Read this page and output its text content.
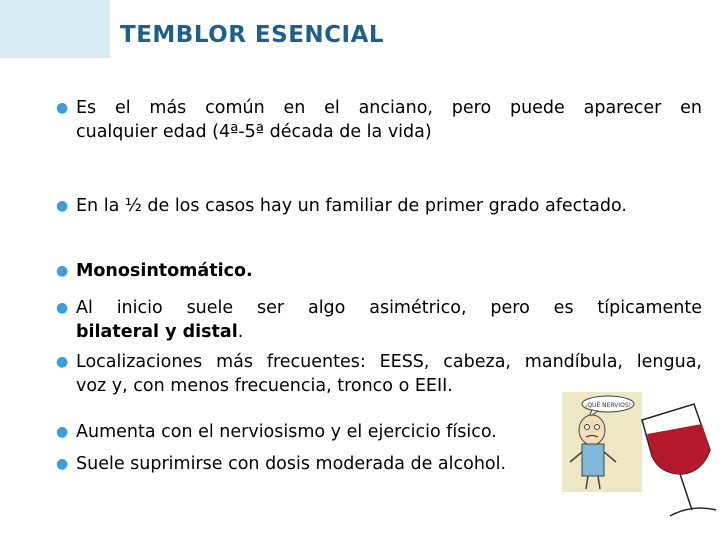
TEMBLOR ESENCIAL
● Es el más común en el anciano, pero puede aparecer en
cualquier edad (4ª-5ª década de la vida)
● En la ½ de los casos hay un familiar de primer grado afectado.
● Monosintomático.
● Al inicio suele ser algo asimétrico, pero es típicamente
bilateral y distal.
● Localizaciones más frecuentes: EESS, cabeza, mandíbula, lengua,
voz y, con menos frecuencia, tronco o EEII.
● Aumenta con el nerviosismo y el ejercicio físico.
● Suele suprimirse con dosis moderada de alcohol.
¡QUÉ NERVIOS!
